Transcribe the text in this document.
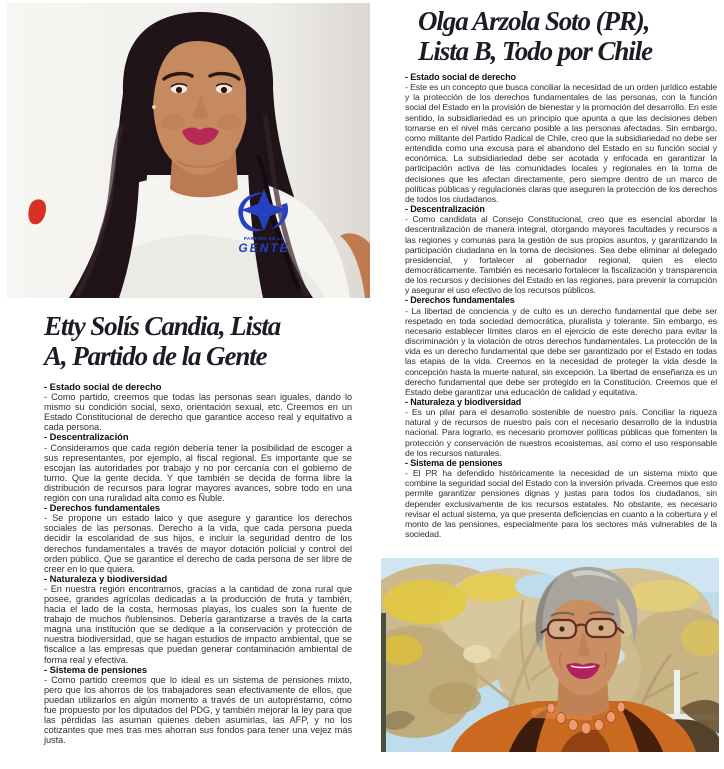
PARTIDO DE LA
GENTE
Etty Solís Candia, Lista
A, Partido de la Gente
- Estado social de derecho

- Como partido, creemos que todas las personas sean iguales, dando lo mismo su condición social, sexo, orientación sexual, etc. Creemos en un Estado Constitucional de derecho que garantice acceso real y equitativo a cada persona.

- Descentralización

- Consideramos que cada región debería tener la posibilidad de escoger a sus representantes, por ejemplo, al fiscal regional. Es importante que se escojan las autoridades por trabajo y no por cercanía con el gobierno de turno. Que la gente decida. Y que también se decida de forma libre la distribución de recursos para lograr mayores avances, sobre todo en una región con una ruralidad alta como es Ñuble.

- Derechos fundamentales

- Se propone un estado laico y que asegure y garantice los derechos sociales de las personas. Derecho a la vida, que cada persona pueda decidir la escolaridad de sus hijos, e incluir la seguridad dentro de los derechos fundamentales a través de mayor dotación policial y control del orden público. Que se garantice el derecho de cada persona de ser libre de creer en lo que quiera.

- Naturaleza y biodiversidad

- En nuestra región encontramos, gracias a la cantidad de zona rural que posee, grandes agrícolas dedicadas a la producción de fruta y también, hacia el lado de la costa, hermosas playas, los cuales son la fuente de trabajo de muchos ñublensinos. Debería garantizarse a través de la carta magna una institución que se dedique a la conservación y protección de nuestra biodiversidad, que se hagan estudios de impacto ambiental, que se fiscalice a las empresas que puedan generar contaminación ambiental de forma real y efectiva.

- Sistema de pensiones

- Como partido creemos que lo ideal es un sistema de pensiones mixto, pero que los ahorros de los trabajadores sean efectivamente de ellos, que puedan utilizarlos en algún momento a través de un autopréstamo, cómo fue propuesto por los diputados del PDG, y también mejorar la ley para que las pérdidas las asuman quienes deben asumirlas, las AFP, y no los cotizantes que mes tras mes ahorran sus fondos para tener una vejez más justa.

Olga Arzola Soto (PR),
Lista B, Todo por Chile
- Estado social de derecho

- Este es un concepto que busca conciliar la necesidad de un orden jurídico estable y la protección de los derechos fundamentales de las personas, con la función social del Estado en la provisión de bienestar y la promoción del desarrollo. En este sentido, la subsidiariedad es un principio que apunta a que las decisiones deben tomarse en el nivel más cercano posible a las personas afectadas. Sin embargo, como militante del Partido Radical de Chile, creo que la subsidiariedad no debe ser entendida como una excusa para el abandono del Estado en su función social y económica. La subsidiariedad debe ser acotada y enfocada en garantizar la participación activa de las comunidades locales y regionales en la toma de decisiones que les afectan directamente, pero siempre dentro de un marco de políticas públicas y regulaciones claras que aseguren la protección de los derechos de todos los ciudadanos.

- Descentralización

- Como candidata al Consejo Constitucional, creo que es esencial abordar la descentralización de manera integral, otorgando mayores facultades y recursos a las regiones y comunas para la gestión de sus propios asuntos, y garantizando la participación ciudadana en la toma de decisiones. Sea debe eliminar al delegado presidencial, y fortalecer al gobernador regional, quien es electo democráticamente. También es necesario fortalecer la fiscalización y transparencia de los recursos y decisiones del Estado en las regiones, para prevenir la corrupción y asegurar el uso efectivo de los recursos públicos.

- Derechos fundamentales

- La libertad de conciencia y de culto es un derecho fundamental que debe ser respetado en toda sociedad democrática, pluralista y tolerante. Sin embargo, es necesario establecer límites claros en el ejercicio de este derecho para evitar la discriminación y la violación de otros derechos fundamentales. La protección de la vida es un derecho fundamental que debe ser garantizado por el Estado en todas las etapas de la vida. Creemos en la necesidad de proteger la vida desde la concepción hasta la muerte natural, sin excepción. La libertad de enseñanza es un derecho fundamental que debe ser protegido en la Constitución. Creemos que el Estado debe garantizar una educación de calidad y equitativa.

- Naturaleza y biodiversidad

- Es un pilar para el desarrollo sostenible de nuestro país. Conciliar la riqueza natural y de recursos de nuestro país con el necesario desarrollo de la industria nacional. Para lograrlo, es necesario promover políticas públicas que fomenten la protección y conservación de nuestros ecosistemas, así como el uso responsable de los recursos naturales.

- Sistema de pensiones

- El PR ha defendido históricamente la necesidad de un sistema mixto que combine la seguridad social del Estado con la inversión privada. Creemos que esto permite garantizar pensiones dignas y justas para todos los ciudadanos, sin depender exclusivamente de los recursos estatales. No obstante, es necesario revisar el actual sistema, ya que presenta deficiencias en cuanto a la cobertura y el monto de las pensiones, especialmente para los sectores más vulnerables de la sociedad.
